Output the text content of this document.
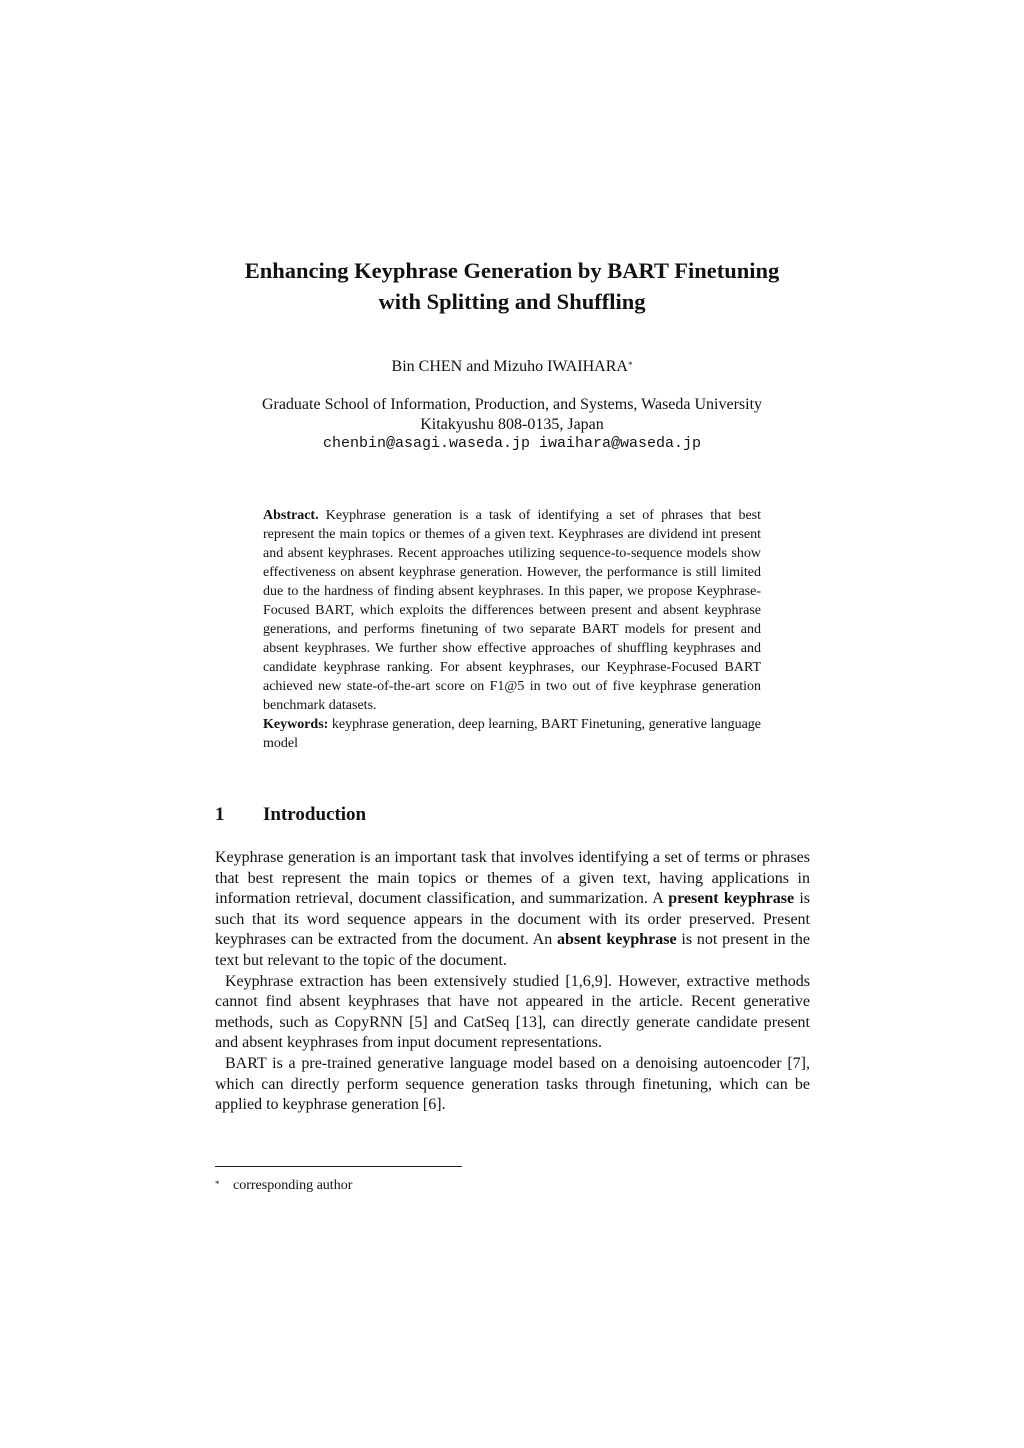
Enhancing Keyphrase Generation by BART Finetuning
with Splitting and Shuffling
Bin CHEN and Mizuho IWAIHARA*
Graduate School of Information, Production, and Systems, Waseda University
Kitakyushu 808-0135, Japan
chenbin@asagi.waseda.jp iwaihara@waseda.jp
Abstract. Keyphrase generation is a task of identifying a set of phrases that best represent the main topics or themes of a given text. Keyphrases are dividend int present and absent keyphrases. Recent approaches utilizing sequence-to-sequence models show effectiveness on absent keyphrase generation. However, the performance is still limited due to the hardness of finding absent keyphrases. In this paper, we propose Keyphrase-Focused BART, which exploits the differences between present and absent keyphrase generations, and performs finetuning of two separate BART models for present and absent keyphrases. We further show effective approaches of shuffling keyphrases and candidate keyphrase ranking. For absent keyphrases, our Keyphrase-Focused BART achieved new state-of-the-art score on F1@5 in two out of five keyphrase generation benchmark datasets.
Keywords: keyphrase generation, deep learning, BART Finetuning, generative language model
1 Introduction

Keyphrase generation is an important task that involves identifying a set of terms or phrases that best represent the main topics or themes of a given text, having applications in information retrieval, document classification, and summarization. A present keyphrase is such that its word sequence appears in the document with its order preserved. Present keyphrases can be extracted from the document. An absent keyphrase is not present in the text but relevant to the topic of the document.

Keyphrase extraction has been extensively studied [1,6,9]. However, extractive methods cannot find absent keyphrases that have not appeared in the article. Recent generative methods, such as CopyRNN [5] and CatSeq [13], can directly generate candidate present and absent keyphrases from input document representations.

BART is a pre-trained generative language model based on a denoising autoencoder [7], which can directly perform sequence generation tasks through finetuning, which can be applied to keyphrase generation [6].

* corresponding author
